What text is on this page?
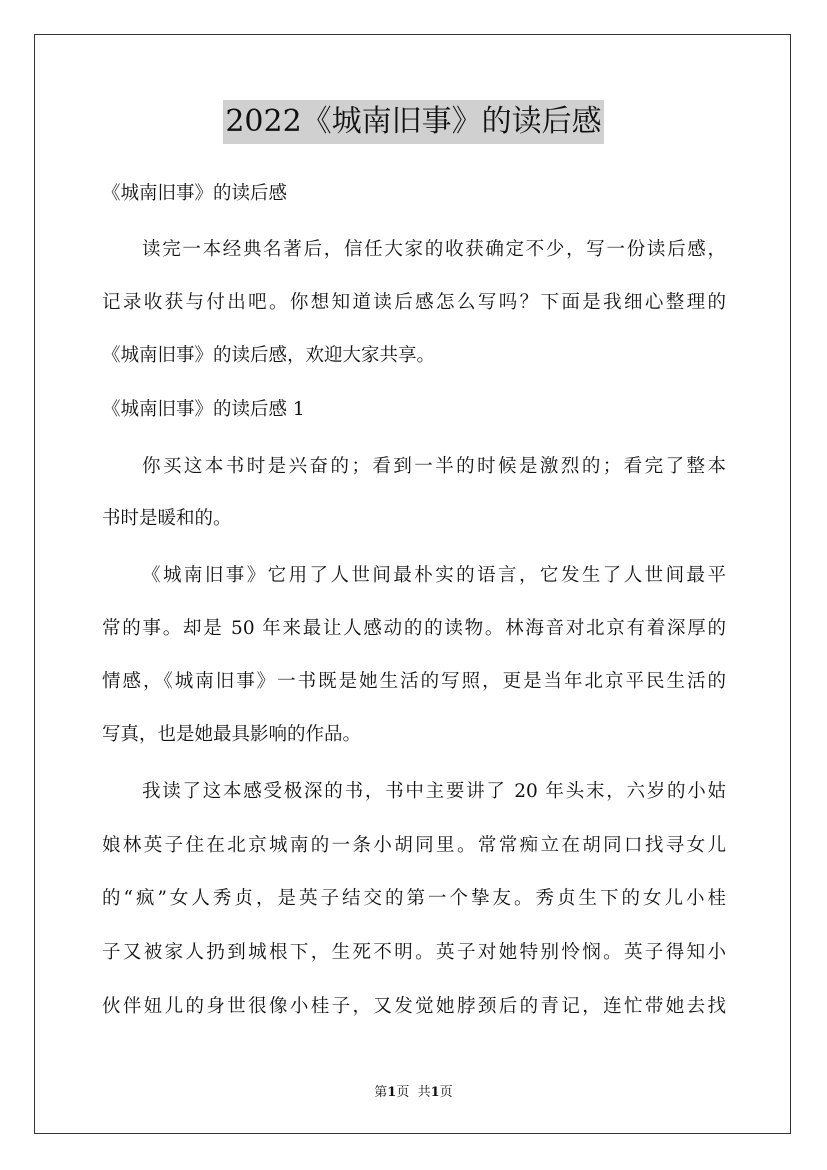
2022《城南旧事》的读后感
《城南旧事》的读后感
读完一本经典名著后，信任大家的收获确定不少，写一份读后感，
记录收获与付出吧。你想知道读后感怎么写吗？下面是我细心整理的
《城南旧事》的读后感，欢迎大家共享。
《城南旧事》的读后感 1
你买这本书时是兴奋的；看到一半的时候是激烈的；看完了整本
书时是暖和的。
《城南旧事》它用了人世间最朴实的语言，它发生了人世间最平
常的事。却是 50 年来最让人感动的的读物。林海音对北京有着深厚的
情感，《城南旧事》一书既是她生活的写照，更是当年北京平民生活的
写真，也是她最具影响的作品。
我读了这本感受极深的书，书中主要讲了 20 年头末，六岁的小姑
娘林英子住在北京城南的一条小胡同里。常常痴立在胡同口找寻女儿
的“疯”女人秀贞，是英子结交的第一个挚友。秀贞生下的女儿小桂
子又被家人扔到城根下，生死不明。英子对她特别怜悯。英子得知小
伙伴妞儿的身世很像小桂子，又发觉她脖颈后的青记，连忙带她去找
第1页 共1页
